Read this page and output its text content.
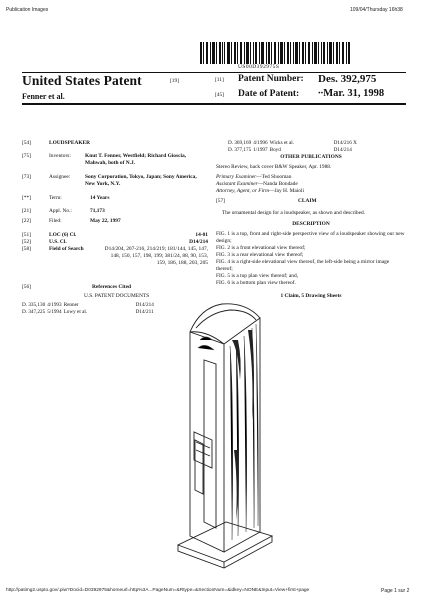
Publication Images	109/04/Thursday 16h38
US00D392975S
United States Patent	[19]
Fenner et al.
[11] Patent Number: Des. 392,975
[45] Date of Patent: ∙∙Mar. 31, 1998
[54]	LOUDSPEAKER
[75]	Inventors:	Knut T. Fenner, Westfield; Richard Gioscia, Mahwah, both of N.J.
[73]	Assignee:	Sony Corporation, Tokyo, Japan; Sony America, New York, N.Y.
[**]	Term:	14 Years
[21]	Appl. No.:	71,173
[22]	Filed:	May 22, 1997
[51]	LOC (6) Cl.	14-01
[52]	U.S. Cl.	D14/214
[58]	Field of Search	D14/204, 207-216, 214/219; 181/144, 145, 147, 148, 150, 157, 198, 199; 381/24, 88, 90, 153, 159, 186, 188, 203, 205
[56]	References Cited
U.S. PATENT DOCUMENTS
D. 335,130	4/1993	Renner	D14/214
D. 347,225	5/1994	Lowy et al.	D14/211
D. 369,169	4/1996	Wicks et al.	D14/216 X
D. 377,175	1/1997	Boyd	D14/214
OTHER PUBLICATIONS
Stereo Review, back cover B&W Speaker, Apr. 1988.
Primary Examiner—Ted Shooman
Assistant Examiner—Nanda Bondade
Attorney, Agent, or Firm—Jay H. Maioli
[57]	CLAIM
The ornamental design for a loudspeaker, as shown and described.
DESCRIPTION
FIG. 1 is a top, front and right-side perspective view of a loudspeaker showing our new design;
FIG. 2 is a front elevational view thereof;
FIG. 3 is a rear elevational view thereof;
FIG. 4 is a right-side elevational view thereof, the left-side being a mirror image thereof;
FIG. 5 is a top plan view thereof; and,
FIG. 6 is a bottom plan view thereof.
1 Claim, 5 Drawing Sheets
http://patimg2.uspto.gov/.piw?Docid=D0392975&homeurl=http%3A...PageNum=&Rtype=&SectionNum=&idkey=NONE&Input=View+first+page	Page 1 sur 2
